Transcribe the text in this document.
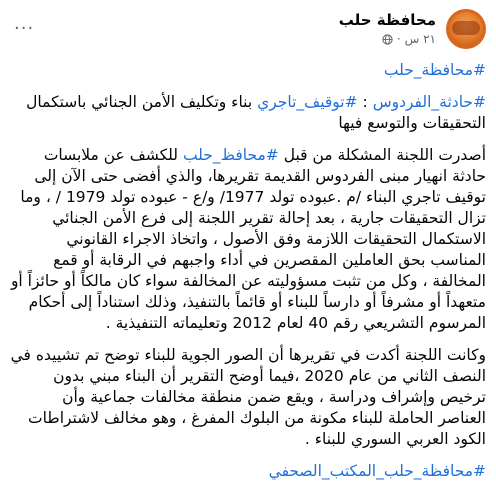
محافظة حلب
٢١ س
·
···

#محافظة_حلب

#حادثة_الفردوس : #توقيف_تاجري بناء وتكليف الأمن الجنائي باستكمال التحقيقات والتوسع فيها

أصدرت اللجنة المشكلة من قبل #محافظ_حلب للكشف عن ملابسات حادثة انهيار مبنى الفردوس القديمة تقريرها، والذي أفضى حتى الآن إلى توقيف تاجري البناء /م .عبوده تولد 1977/ و/ع - عبوده تولد 1979 / ، وما تزال التحقيقات جارية ، بعد إحالة تقرير اللجنة إلى فرع الأمن الجنائي الاستكمال التحقيقات اللازمة وفق الأصول ، واتخاذ الاجراء القانوني المناسب بحق العاملين المقصرين في أداء واجبهم في الرقابة أو قمع المخالفة ، وكل من تثبت مسؤوليته عن المخالفة سواء كان مالكاً أو حائزاً أو متعهداً أو مشرفاً أو دارساً للبناء أو قائماً بالتنفيذ، وذلك استناداً إلى أحكام المرسوم التشريعي رقم 40 لعام 2012 وتعليماته التنفيذية .

وكانت اللجنة أكدت في تقريرها أن الصور الجوية للبناء توضح تم تشييده في النصف الثاني من عام 2020 ،فيما أوضح التقرير أن البناء مبني بدون ترخيص وإشراف ودراسة ، ويقع ضمن منطقة مخالفات جماعية وأن العناصر الحاملة للبناء مكونة من البلوك المفرغ ، وهو مخالف لاشتراطات الكود العربي السوري للبناء .

#محافظة_حلب_المكتب_الصحفي
